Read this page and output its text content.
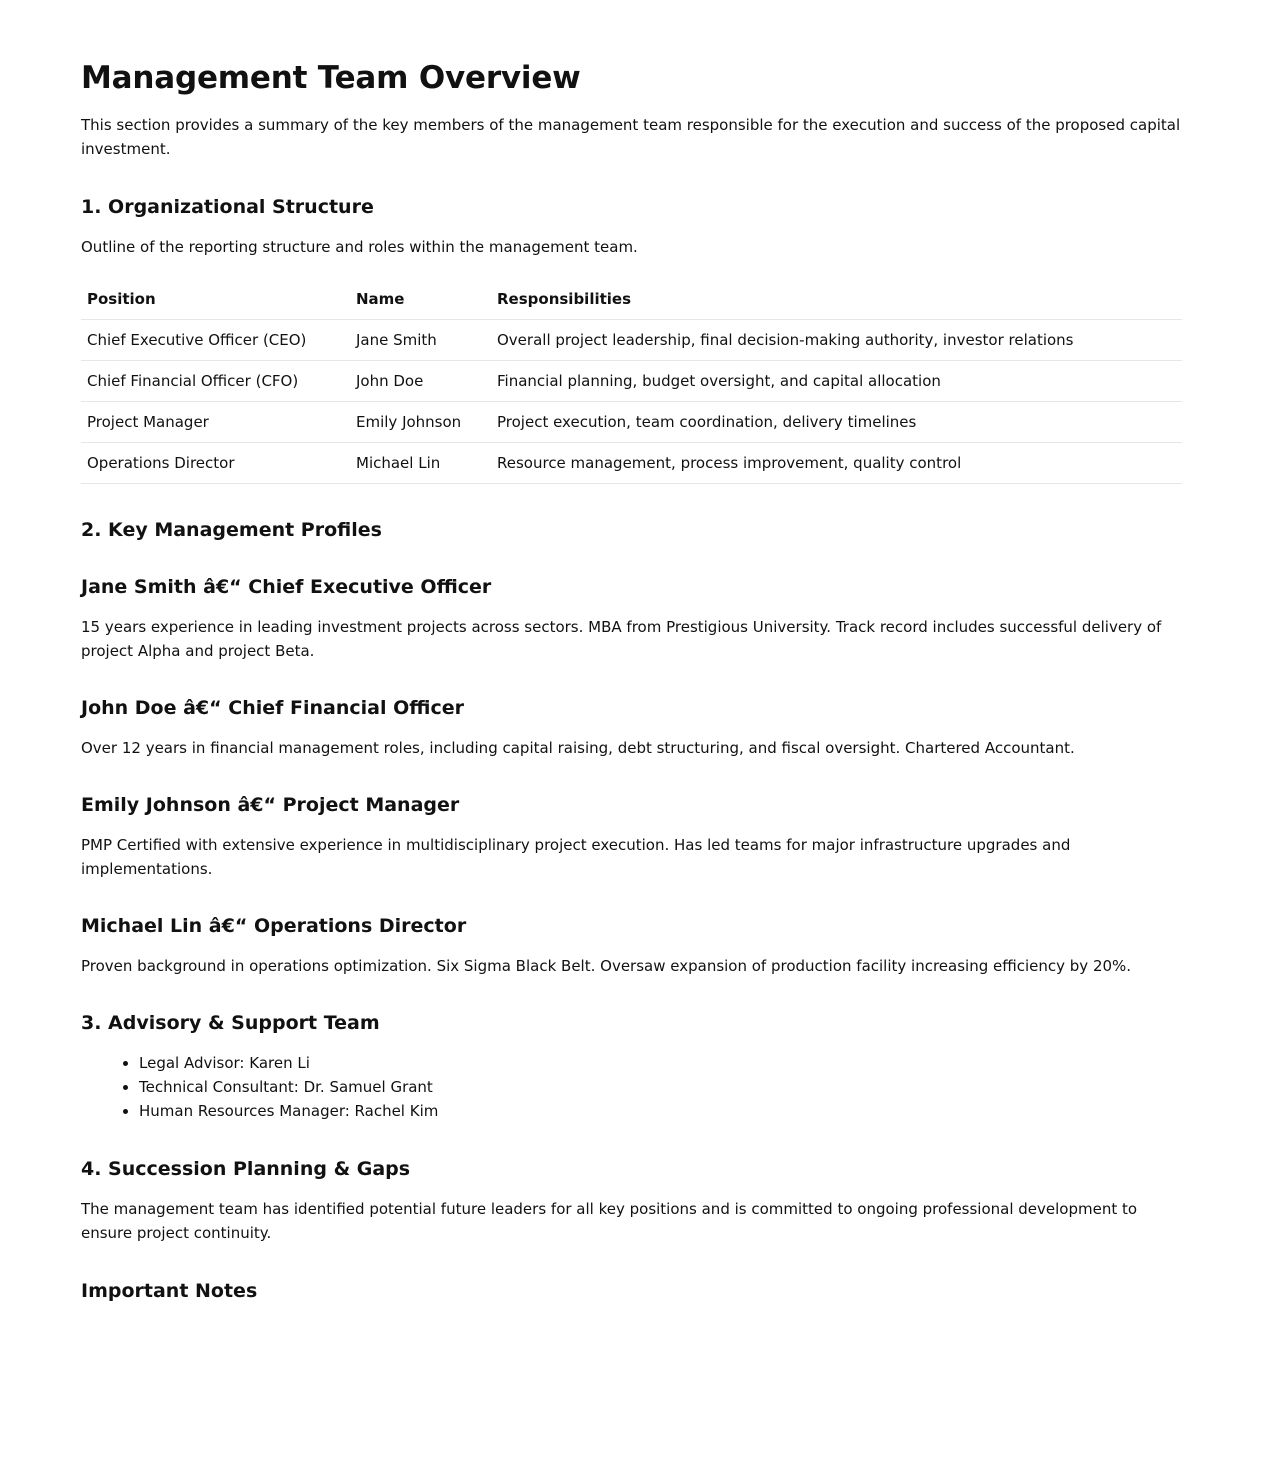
Management Team Overview

This section provides a summary of the key members of the management team responsible for the execution and success of the proposed capital investment.

1. Organizational Structure

Outline of the reporting structure and roles within the management team.

Position	Name	Responsibilities
Chief Executive Officer (CEO)	Jane Smith	Overall project leadership, final decision-making authority, investor relations
Chief Financial Officer (CFO)	John Doe	Financial planning, budget oversight, and capital allocation
Project Manager	Emily Johnson	Project execution, team coordination, delivery timelines
Operations Director	Michael Lin	Resource management, process improvement, quality control
2. Key Management Profiles
Jane Smith â€“ Chief Executive Officer

15 years experience in leading investment projects across sectors. MBA from Prestigious University. Track record includes successful delivery of project Alpha and project Beta.

John Doe â€“ Chief Financial Officer

Over 12 years in financial management roles, including capital raising, debt structuring, and fiscal oversight. Chartered Accountant.

Emily Johnson â€“ Project Manager

PMP Certified with extensive experience in multidisciplinary project execution. Has led teams for major infrastructure upgrades and implementations.

Michael Lin â€“ Operations Director

Proven background in operations optimization. Six Sigma Black Belt. Oversaw expansion of production facility increasing efficiency by 20%.

3. Advisory & Support Team
• Legal Advisor: Karen Li
• Technical Consultant: Dr. Samuel Grant
• Human Resources Manager: Rachel Kim
4. Succession Planning & Gaps

The management team has identified potential future leaders for all key positions and is committed to ongoing professional development to ensure project continuity.

Important Notes
